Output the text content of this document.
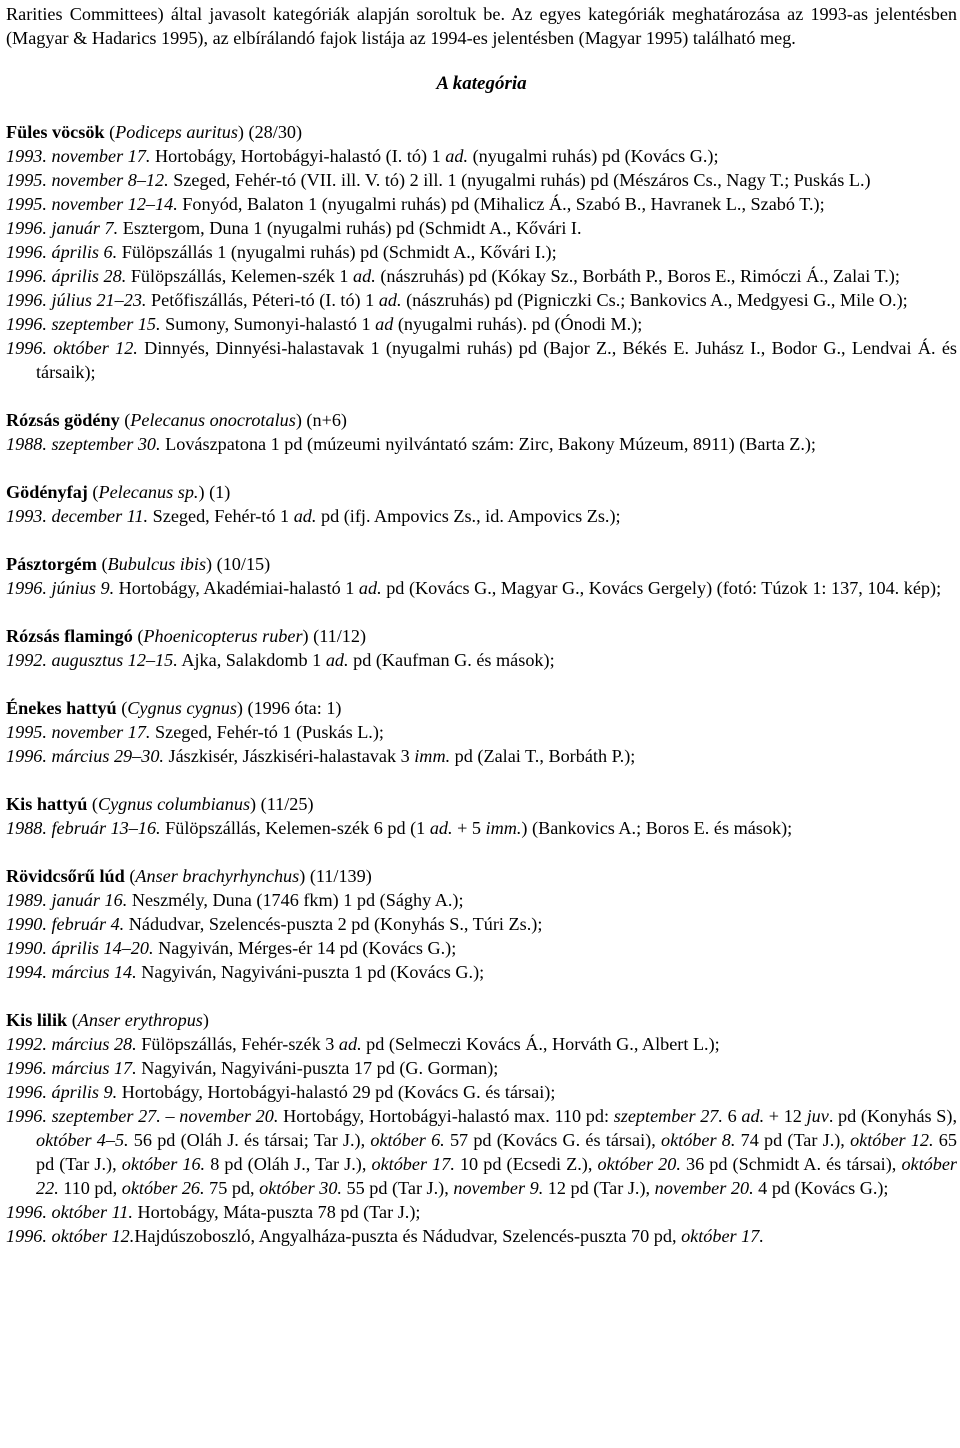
Rarities Committees) által javasolt kategóriák alapján soroltuk be. Az egyes kategóriák meghatározása az 1993-as jelentésben (Magyar & Hadarics 1995), az elbírálandó fajok listája az 1994-es jelentésben (Magyar 1995) található meg.

A kategória

Füles vöcsök (Podiceps auritus) (28/30)

1993. november 17. Hortobágy, Hortobágyi-halastó (I. tó) 1 ad. (nyugalmi ruhás) pd (Kovács G.);

1995. november 8–12. Szeged, Fehér-tó (VII. ill. V. tó) 2 ill. 1 (nyugalmi ruhás) pd (Mészáros Cs., Nagy T.; Puskás L.)

1995. november 12–14. Fonyód, Balaton 1 (nyugalmi ruhás) pd (Mihalicz Á., Szabó B., Havranek L., Szabó T.);

1996. január 7. Esztergom, Duna 1 (nyugalmi ruhás) pd (Schmidt A., Kővári I.

1996. április 6. Fülöpszállás 1 (nyugalmi ruhás) pd (Schmidt A., Kővári I.);

1996. április 28. Fülöpszállás, Kelemen-szék 1 ad. (nászruhás) pd (Kókay Sz., Borbáth P., Boros E., Rimóczi Á., Zalai T.);

1996. július 21–23. Petőfiszállás, Péteri-tó (I. tó) 1 ad. (nászruhás) pd (Pigniczki Cs.; Bankovics A., Medgyesi G., Mile O.);

1996. szeptember 15. Sumony, Sumonyi-halastó 1 ad (nyugalmi ruhás). pd (Ónodi M.);

1996. október 12. Dinnyés, Dinnyési-halastavak 1 (nyugalmi ruhás) pd (Bajor Z., Békés E. Juhász I., Bodor G., Lendvai Á. és társaik);

Rózsás gödény (Pelecanus onocrotalus) (n+6)

1988. szeptember 30. Lovászpatona 1 pd (múzeumi nyilvántató szám: Zirc, Bakony Múzeum, 8911) (Barta Z.);

Gödényfaj (Pelecanus sp.) (1)

1993. december 11. Szeged, Fehér-tó 1 ad. pd (ifj. Ampovics Zs., id. Ampovics Zs.);

Pásztorgém (Bubulcus ibis) (10/15)

1996. június 9. Hortobágy, Akadémiai-halastó 1 ad. pd (Kovács G., Magyar G., Kovács Gergely) (fotó: Túzok 1: 137, 104. kép);

Rózsás flamingó (Phoenicopterus ruber) (11/12)

1992. augusztus 12–15. Ajka, Salakdomb 1 ad. pd (Kaufman G. és mások);

Énekes hattyú (Cygnus cygnus) (1996 óta: 1)

1995. november 17. Szeged, Fehér-tó 1 (Puskás L.);

1996. március 29–30. Jászkisér, Jászkiséri-halastavak 3 imm. pd (Zalai T., Borbáth P.);

Kis hattyú (Cygnus columbianus) (11/25)

1988. február 13–16. Fülöpszállás, Kelemen-szék 6 pd (1 ad. + 5 imm.) (Bankovics A.; Boros E. és mások);

Rövidcsőrű lúd (Anser brachyrhynchus) (11/139)

1989. január 16. Neszmély, Duna (1746 fkm) 1 pd (Sághy A.);

1990. február 4. Nádudvar, Szelencés-puszta 2 pd (Konyhás S., Túri Zs.);

1990. április 14–20. Nagyiván, Mérges-ér 14 pd (Kovács G.);

1994. március 14. Nagyiván, Nagyiváni-puszta 1 pd (Kovács G.);

Kis lilik (Anser erythropus)

1992. március 28. Fülöpszállás, Fehér-szék 3 ad. pd (Selmeczi Kovács Á., Horváth G., Albert L.);

1996. március 17. Nagyiván, Nagyiváni-puszta 17 pd (G. Gorman);

1996. április 9. Hortobágy, Hortobágyi-halastó 29 pd (Kovács G. és társai);

1996. szeptember 27. – november 20. Hortobágy, Hortobágyi-halastó max. 110 pd: szeptember 27. 6 ad. + 12 juv. pd (Konyhás S), október 4–5. 56 pd (Oláh J. és társai; Tar J.), október 6. 57 pd (Kovács G. és társai), október 8. 74 pd (Tar J.), október 12. 65 pd (Tar J.), október 16. 8 pd (Oláh J., Tar J.), október 17. 10 pd (Ecsedi Z.), október 20. 36 pd (Schmidt A. és társai), október 22. 110 pd, október 26. 75 pd, október 30. 55 pd (Tar J.), november 9. 12 pd (Tar J.), november 20. 4 pd (Kovács G.);

1996. október 11. Hortobágy, Máta-puszta 78 pd (Tar J.);

1996. október 12.Hajdúszoboszló, Angyalháza-puszta és Nádudvar, Szelencés-puszta 70 pd, október 17.
